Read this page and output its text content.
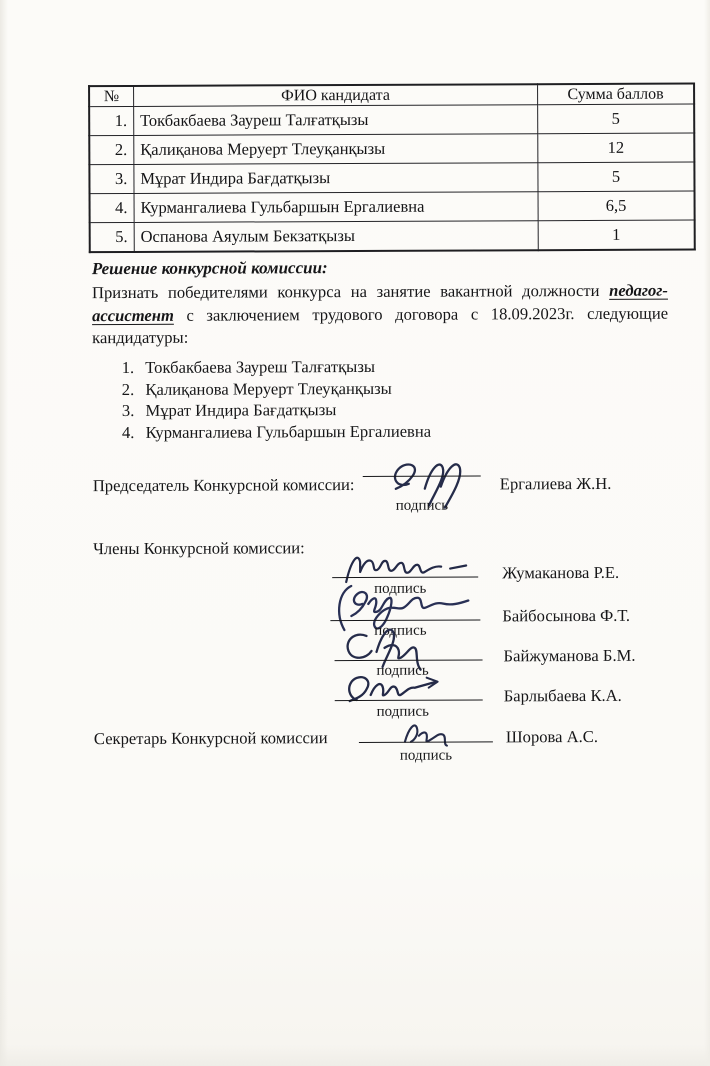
№	ФИО кандидата	Сумма баллов
1.	Токбакбаева Зауреш Талғатқызы	5
2.	Қалиқанова Меруерт Тлеуқанқызы	12
3.	Мұрат Индира Бағдатқызы	5
4.	Курмангалиева Гульбаршын Ергалиевна	6,5
5.	Оспанова Аяулым Бекзатқызы	1

Решение конкурсной комиссии:

Признать победителями конкурса на занятие вакантной должности педагог-ассистент с заключением трудового договора с 18.09.2023г. следующие кандидатуры:

1. Токбакбаева Зауреш Талғатқызы
2. Қалиқанова Меруерт Тлеуқанқызы
3. Мұрат Индира Бағдатқызы
4. Курмангалиева Гульбаршын Ергалиевна
Председатель Конкурсной комиссии:
подпись
Ергалиева Ж.Н.
Члены Конкурсной комиссии:
подпись
Жумаканова Р.Е.
подпись
Байбосынова Ф.Т.
подпись
Байжуманова Б.М.
подпись
Барлыбаева К.А.
Секретарь Конкурсной комиссии
подпись
Шорова А.С.
